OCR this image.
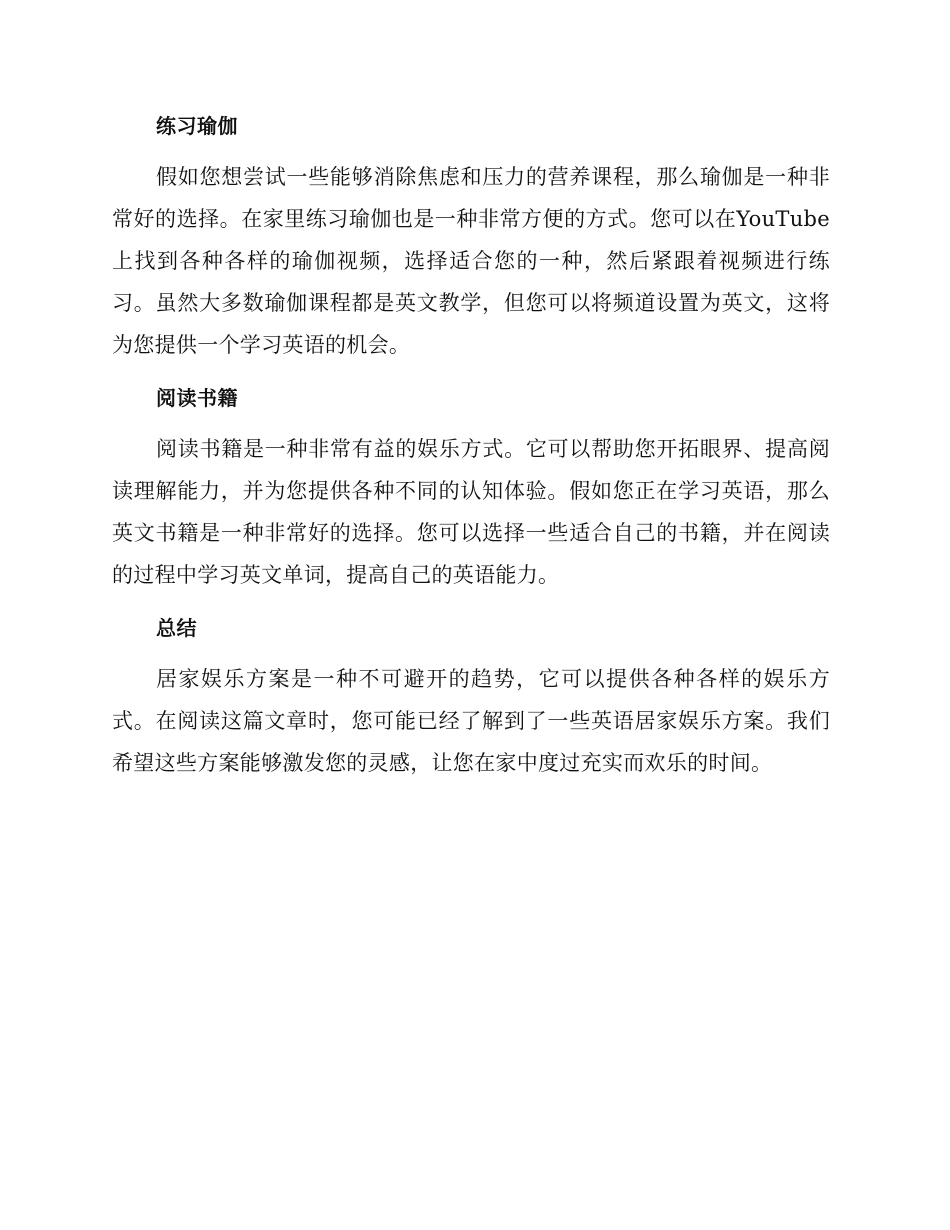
练习瑜伽

假如您想尝试一些能够消除焦虑和压力的营养课程，那么瑜伽是一种非常好的选择。在家里练习瑜伽也是一种非常方便的方式。您可以在YouTube上找到各种各样的瑜伽视频，选择适合您的一种，然后紧跟着视频进行练习。虽然大多数瑜伽课程都是英文教学，但您可以将频道设置为英文，这将为您提供一个学习英语的机会。

阅读书籍

阅读书籍是一种非常有益的娱乐方式。它可以帮助您开拓眼界、提高阅读理解能力，并为您提供各种不同的认知体验。假如您正在学习英语，那么英文书籍是一种非常好的选择。您可以选择一些适合自己的书籍，并在阅读的过程中学习英文单词，提高自己的英语能力。

总结

居家娱乐方案是一种不可避开的趋势，它可以提供各种各样的娱乐方式。在阅读这篇文章时，您可能已经了解到了一些英语居家娱乐方案。我们希望这些方案能够激发您的灵感，让您在家中度过充实而欢乐的时间。
